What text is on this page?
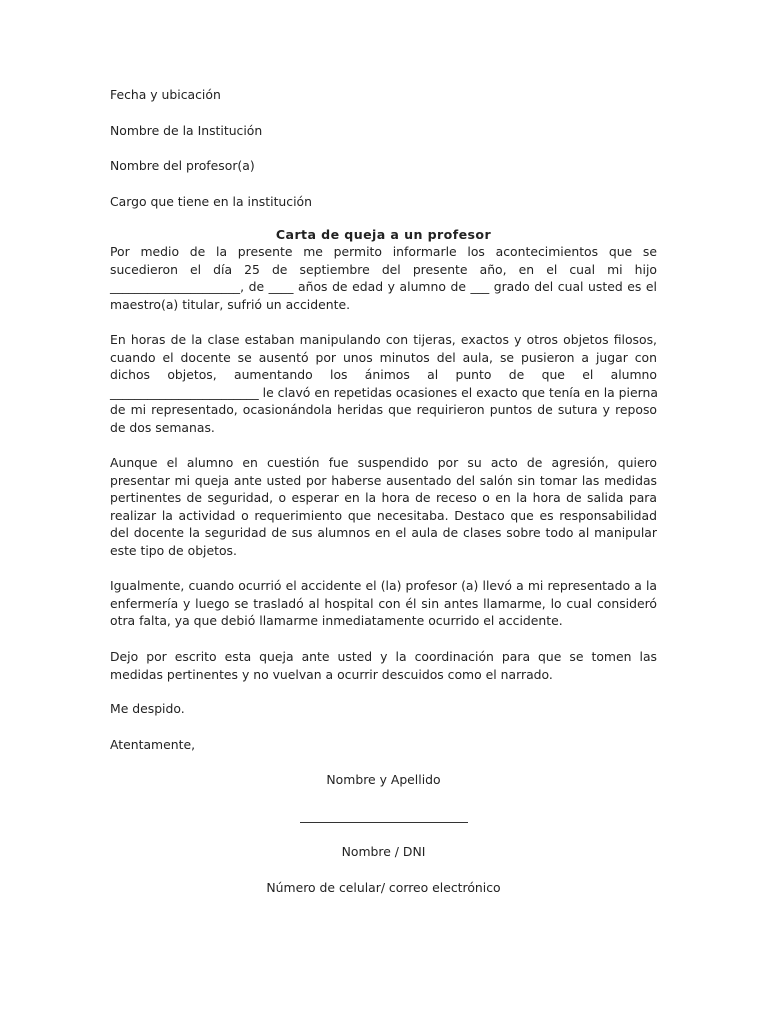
Fecha y ubicación
Nombre de la Institución
Nombre del profesor(a)
Cargo que tiene en la institución
Carta de queja a un profesor
Por medio de la presente me permito informarle los acontecimientos que se
sucedieron el día 25 de septiembre del presente año, en el cual mi hijo
_____________________, de ____ años de edad y alumno de ___ grado del cual usted es el
maestro(a) titular, sufrió un accidente.
En horas de la clase estaban manipulando con tijeras, exactos y otros objetos filosos,
cuando el docente se ausentó por unos minutos del aula, se pusieron a jugar con
dichos objetos, aumentando los ánimos al punto de que el alumno
________________________ le clavó en repetidas ocasiones el exacto que tenía en la pierna
de mi representado, ocasionándola heridas que requirieron puntos de sutura y reposo
de dos semanas.
Aunque el alumno en cuestión fue suspendido por su acto de agresión, quiero
presentar mi queja ante usted por haberse ausentado del salón sin tomar las medidas
pertinentes de seguridad, o esperar en la hora de receso o en la hora de salida para
realizar la actividad o requerimiento que necesitaba. Destaco que es responsabilidad
del docente la seguridad de sus alumnos en el aula de clases sobre todo al manipular
este tipo de objetos.
Igualmente, cuando ocurrió el accidente el (la) profesor (a) llevó a mi representado a la
enfermería y luego se trasladó al hospital con él sin antes llamarme, lo cual consideró
otra falta, ya que debió llamarme inmediatamente ocurrido el accidente.
Dejo por escrito esta queja ante usted y la coordinación para que se tomen las
medidas pertinentes y no vuelvan a ocurrir descuidos como el narrado.
Me despido.
Atentamente,
Nombre y Apellido
Nombre / DNI
Número de celular/ correo electrónico
